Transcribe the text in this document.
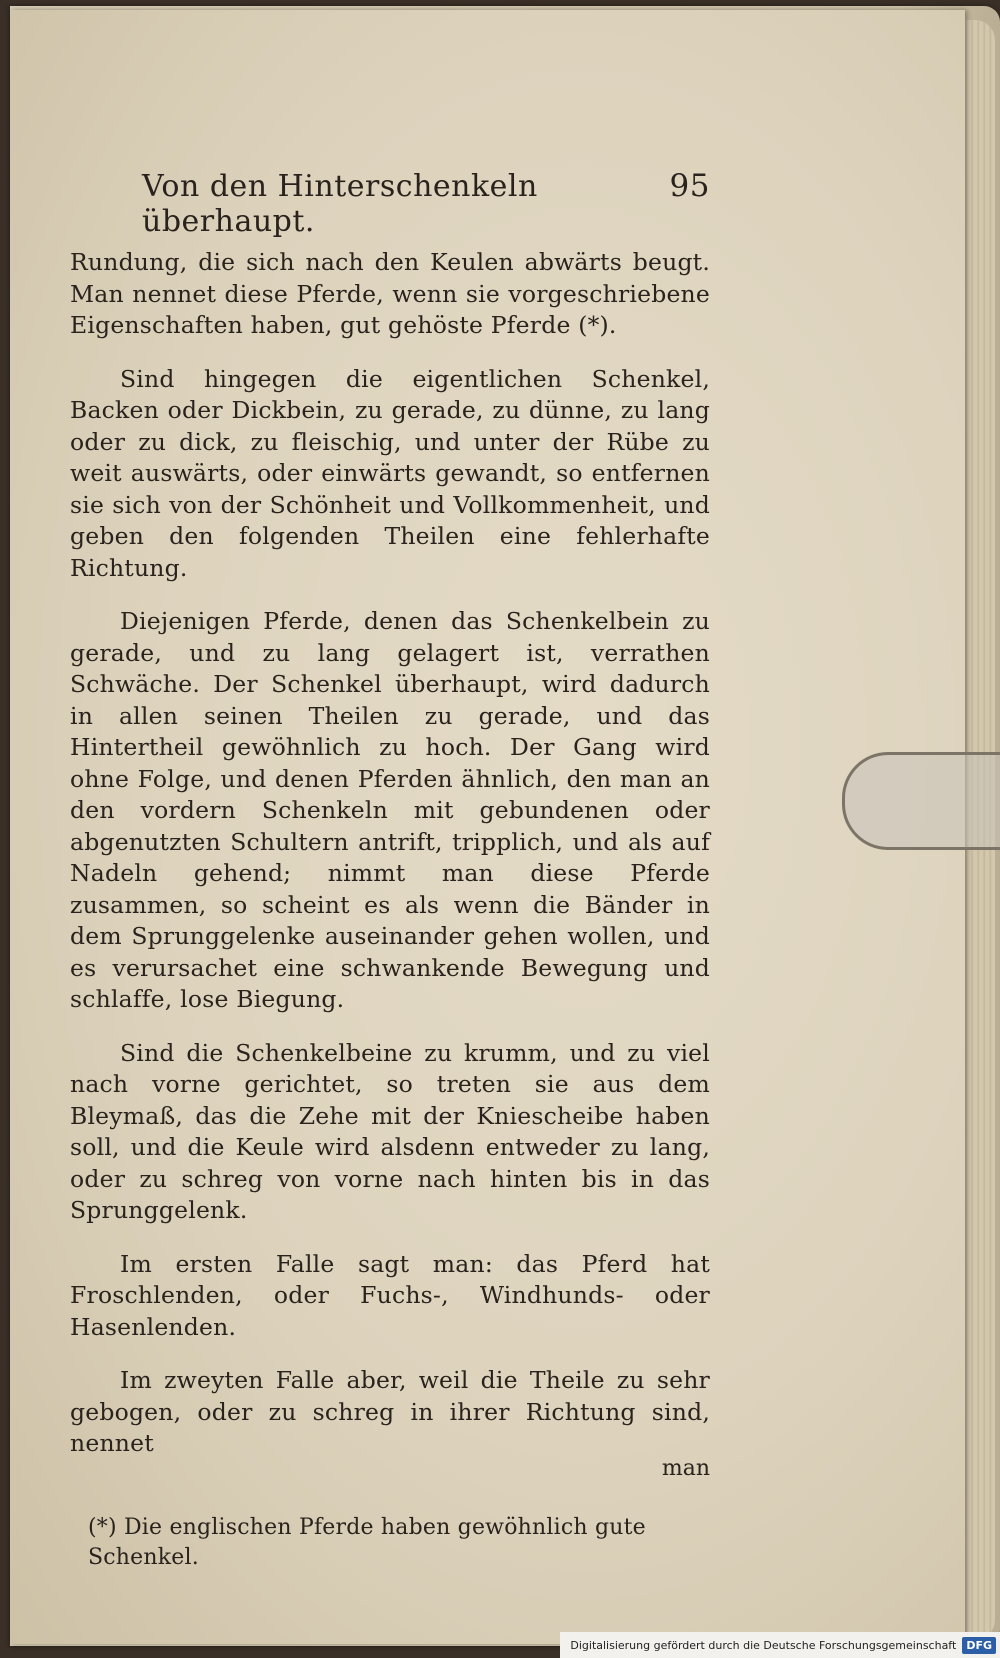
Von den Hinterschenkeln überhaupt.
95

Rundung, die sich nach den Keulen abwärts beugt. Man nennet diese Pferde, wenn sie vorgeschriebene Eigenschaften haben, gut gehöste Pferde (*).

Sind hingegen die eigentlichen Schenkel, Backen oder Dickbein, zu gerade, zu dünne, zu lang oder zu dick, zu fleischig, und unter der Rübe zu weit auswärts, oder einwärts gewandt, so entfernen sie sich von der Schönheit und Vollkommenheit, und geben den folgenden Theilen eine fehlerhafte Richtung.

Diejenigen Pferde, denen das Schenkelbein zu gerade, und zu lang gelagert ist, verrathen Schwäche. Der Schenkel überhaupt, wird dadurch in allen seinen Theilen zu gerade, und das Hintertheil gewöhnlich zu hoch. Der Gang wird ohne Folge, und denen Pferden ähnlich, den man an den vordern Schenkeln mit gebundenen oder abgenutzten Schultern antrift, tripplich, und als auf Nadeln gehend; nimmt man diese Pferde zusammen, so scheint es als wenn die Bänder in dem Sprunggelenke auseinander gehen wollen, und es verursachet eine schwankende Bewegung und schlaffe, lose Biegung.

Sind die Schenkelbeine zu krumm, und zu viel nach vorne gerichtet, so treten sie aus dem Bleymaß, das die Zehe mit der Kniescheibe haben soll, und die Keule wird alsdenn entweder zu lang, oder zu schreg von vorne nach hinten bis in das Sprunggelenk.

Im ersten Falle sagt man: das Pferd hat Froschlenden, oder Fuchs-, Windhunds- oder Hasenlenden.

Im zweyten Falle aber, weil die Theile zu sehr gebogen, oder zu schreg in ihrer Richtung sind, nennet

man
(*) Die englischen Pferde haben gewöhnlich gute Schenkel.
Digitalisierung gefördert durch die Deutsche Forschungsgemeinschaft DFG
